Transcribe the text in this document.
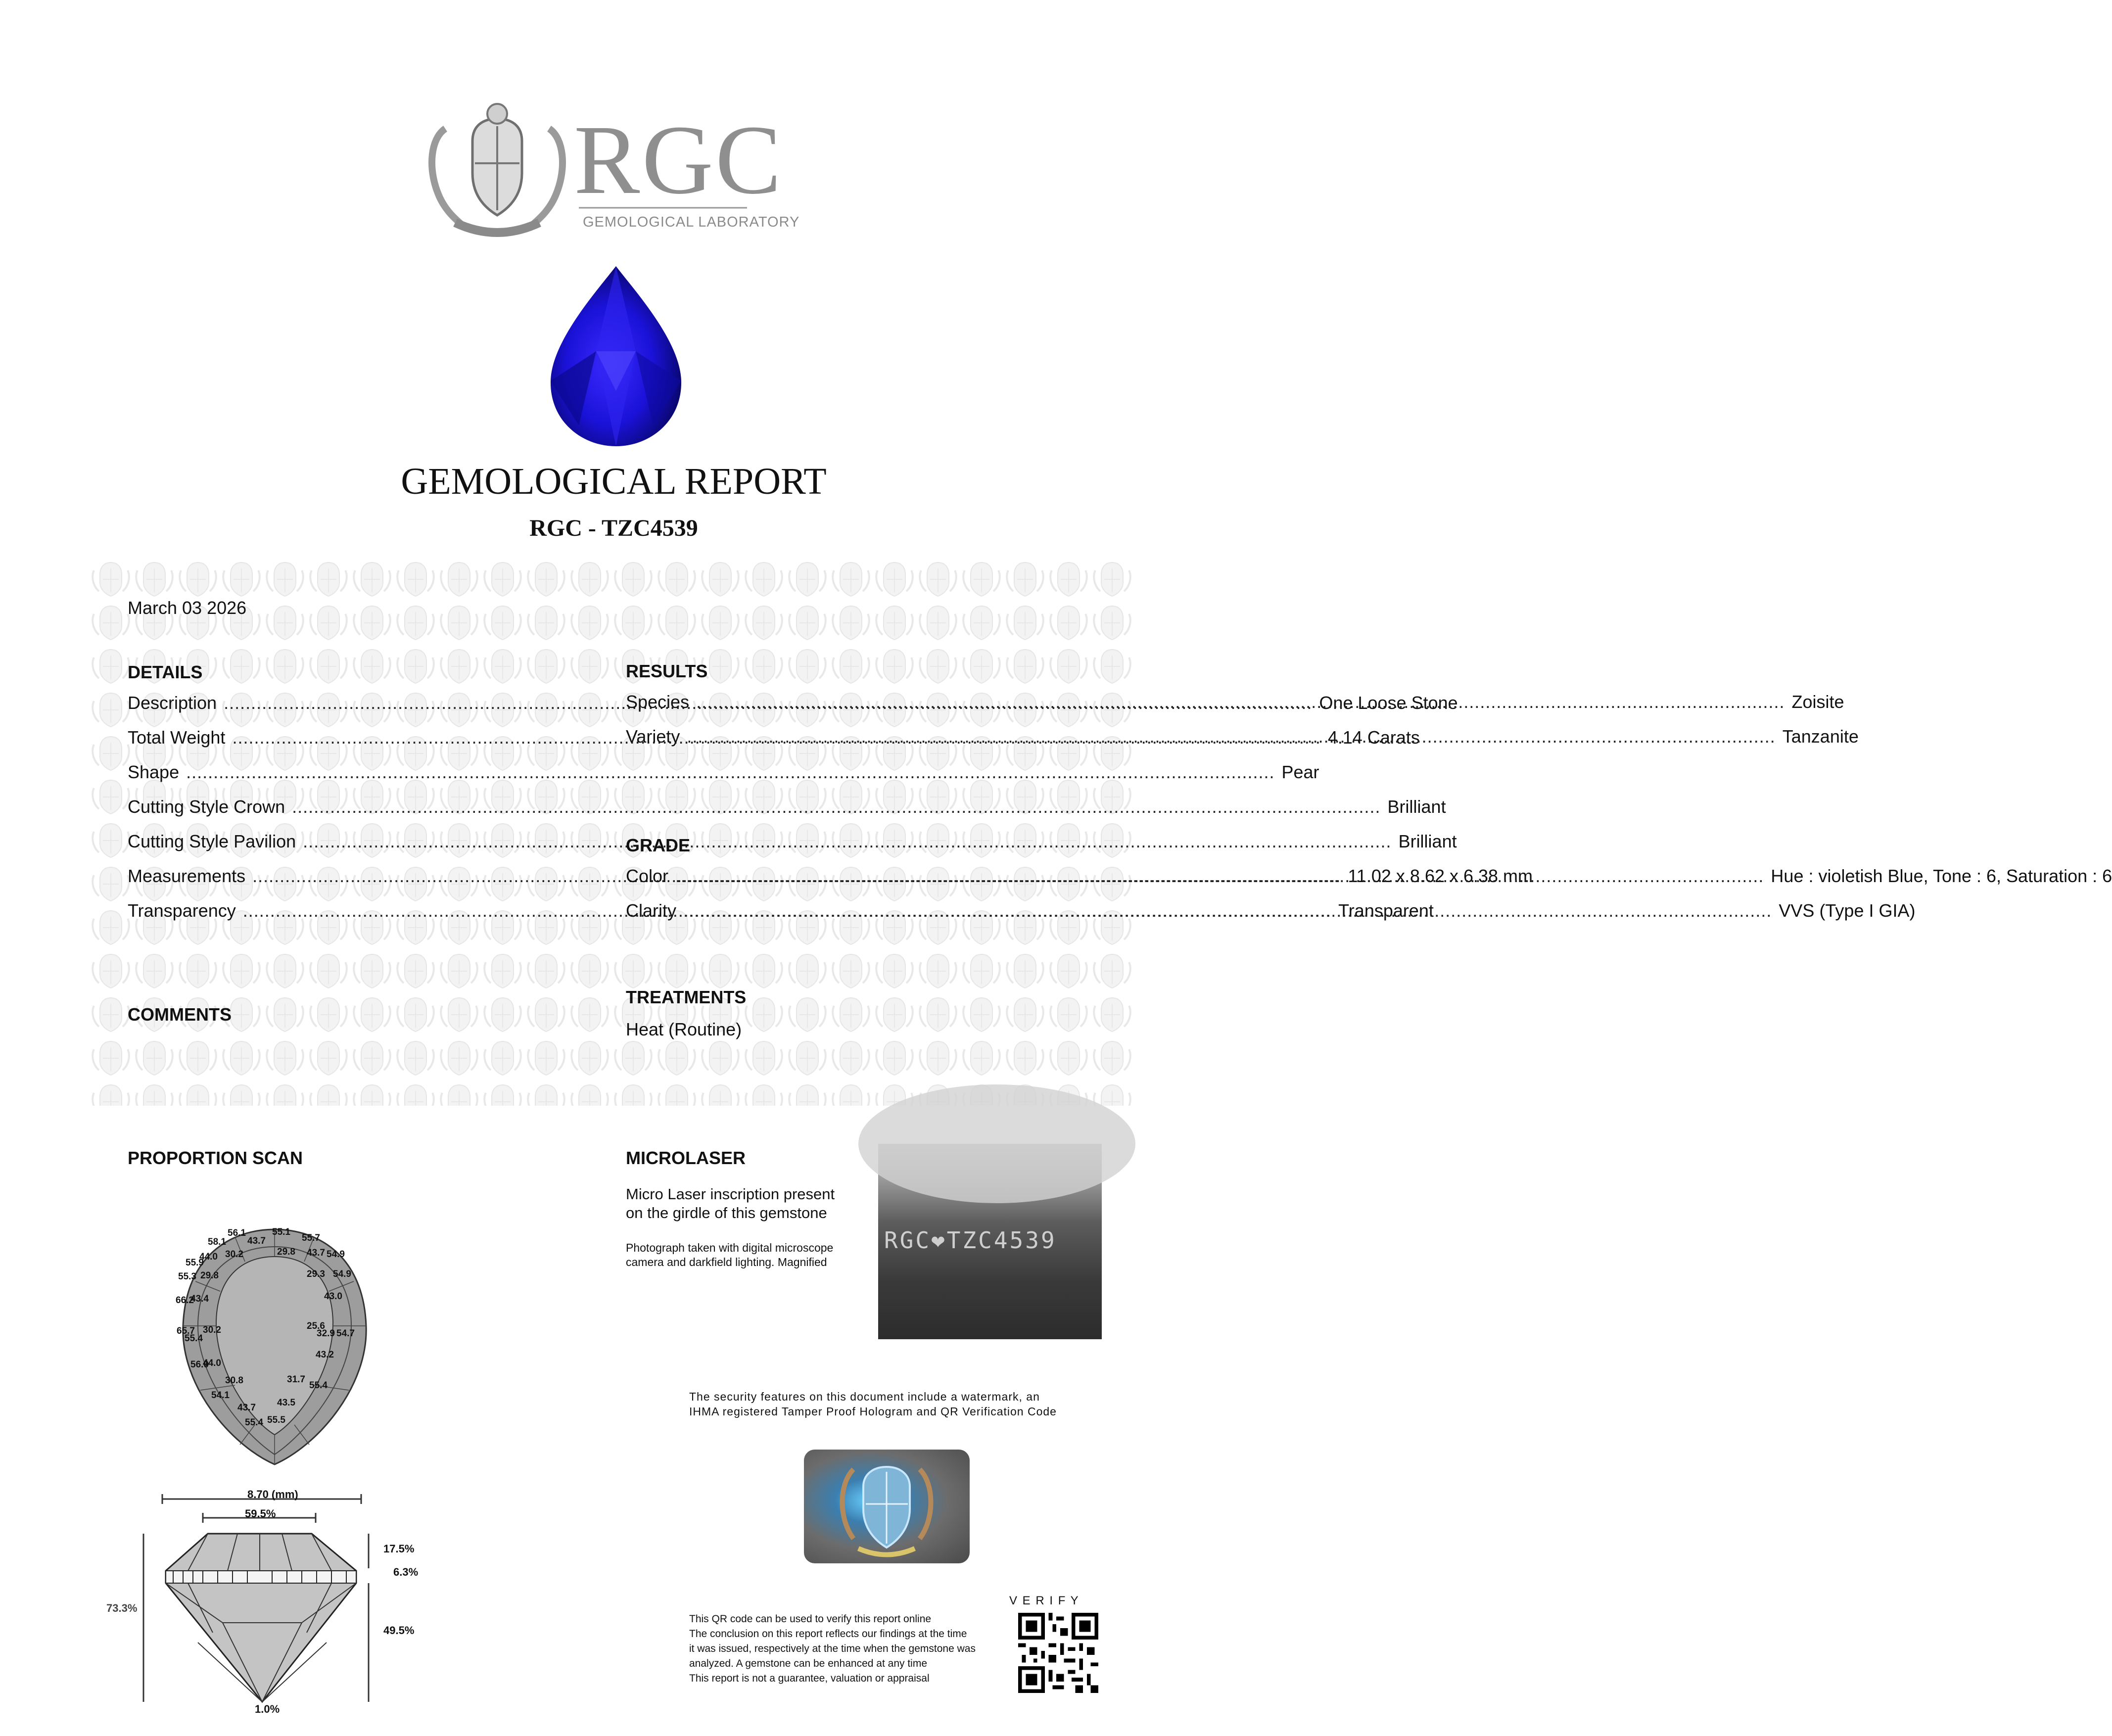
RGC
GEMOLOGICAL LABORATORY
GEMOLOGICAL REPORT
RGC - TZC4539
March 03 2026
DETAILS
Description .....	One Loose Stone
Total Weight .....	4.14 Carats
Shape .....	Pear
Cutting Style Crown .....	Brilliant
Cutting Style Pavilion .....	Brilliant
Measurements .....	11.02 x 8.62 x 6.38 mm
Transparency .....	Transparent
RESULTS
Species .....	Zoisite
Variety .....	Tanzanite
GRADE
Color .....	Hue : violetish Blue, Tone : 6, Saturation : 6
Clarity .....	VVS (Type I GIA)
TREATMENTS
Heat (Routine)
COMMENTS
PROPORTION SCAN
56.1	55.1
55.7
58.1 43.7
30.2	29.8 43.7 54.9
55.9
44.0
29.3 54.9
55.3 29.8
43.0
66.2
43.4
65.7 30.2	25.6
32.9 54.7
55.4
43.2
56.0
44.0
31.7
55.4
30.8
54.1
43.5
43.7
55.4 55.5
8.70 (mm)
59.5%
73.3%
17.5%
6.3%
49.5%
1.0%
MICROLASER
Micro Laser inscription present
on the girdle of this gemstone
Photograph taken with digital microscope
camera and darkfield lighting. Magnified
RGC❤TZC4539
The security features on this document include a watermark, an
IHMA registered Tamper Proof Hologram and QR Verification Code
V E R I F Y
This QR code can be used to verify this report online
The conclusion on this report reflects our findings at the time
it was issued, respectively at the time when the gemstone was
analyzed. A gemstone can be enhanced at any time
This report is not a guarantee, valuation or appraisal
